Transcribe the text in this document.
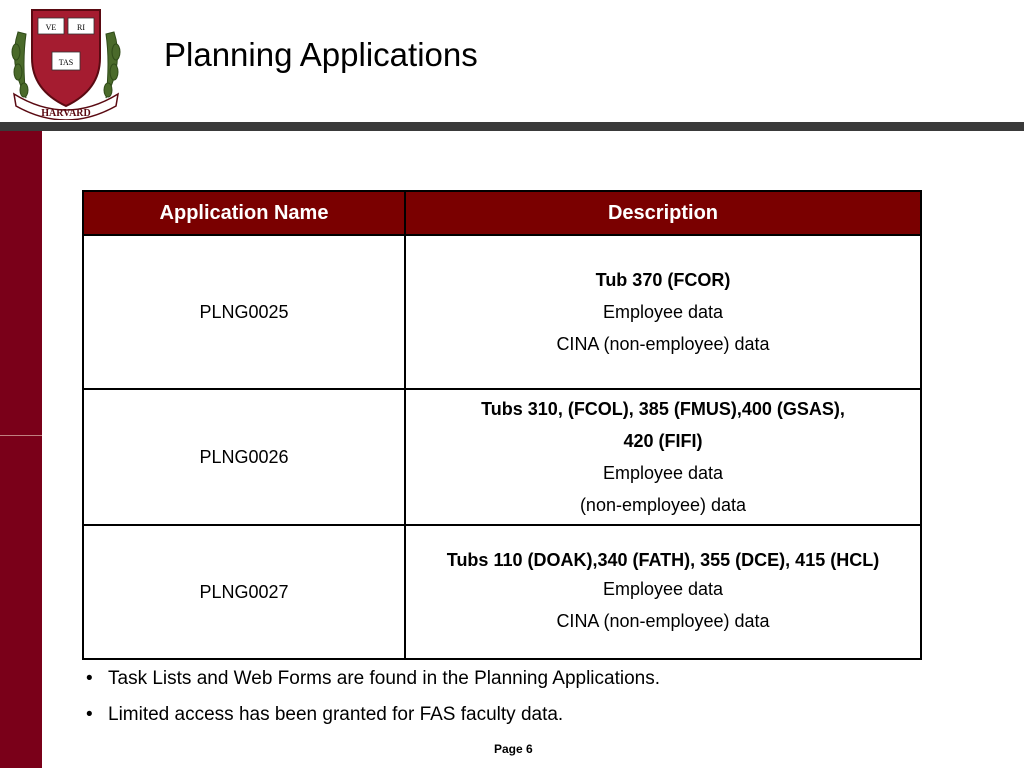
VE	RI
TAS
HARVARD
Planning Applications
Application Name	Description
PLNG0025	Tub 370 (FCOR)
Employee data
CINA (non-employee) data

PLNG0026	Tubs 310, (FCOL), 385 (FMUS),400 (GSAS),
420 (FIFI)
Employee data
(non-employee) data

PLNG0027	Tubs 110 (DOAK),340 (FATH), 355 (DCE), 415 (HCL)
Employee data
CINA (non-employee) data
• Task Lists and Web Forms are found in the Planning Applications.
• Limited access has been granted for FAS faculty data.
Page 6
